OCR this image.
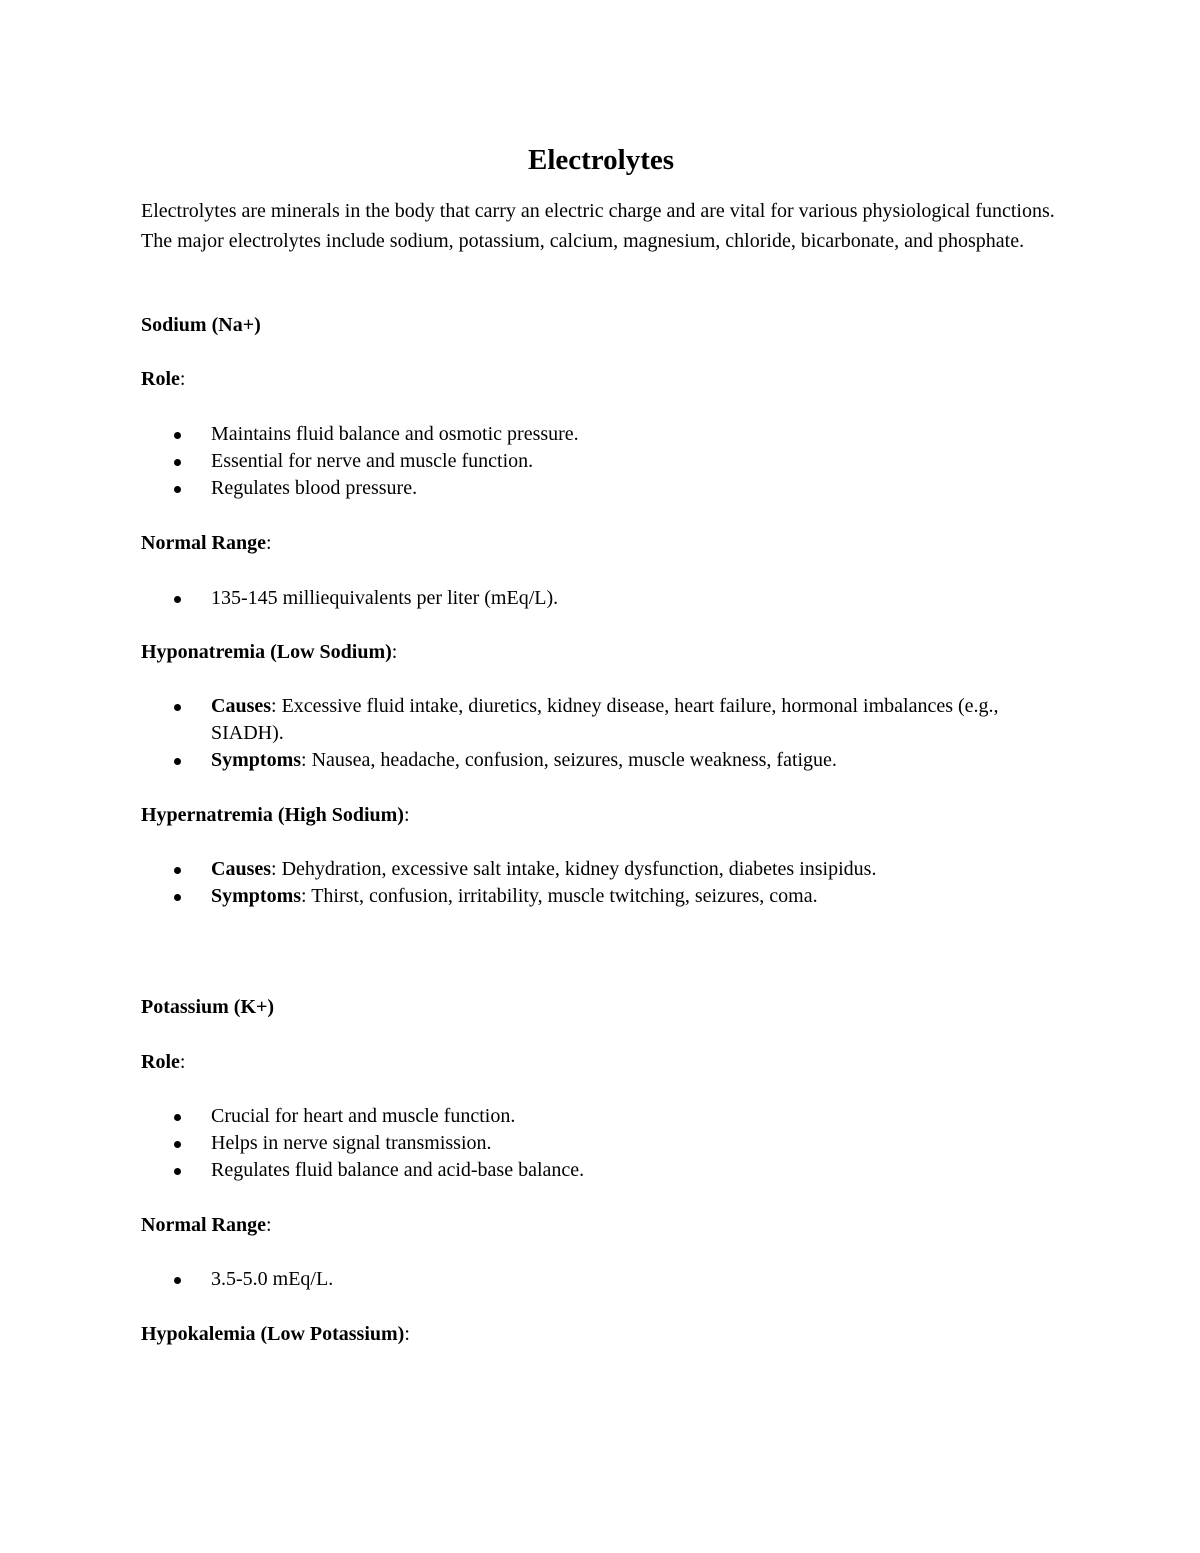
Electrolytes

Electrolytes are minerals in the body that carry an electric charge and are vital for various physiological functions. The major electrolytes include sodium, potassium, calcium, magnesium, chloride, bicarbonate, and phosphate.

Sodium (Na+)

Role:

Maintains fluid balance and osmotic pressure.
Essential for nerve and muscle function.
Regulates blood pressure.

Normal Range:

135-145 milliequivalents per liter (mEq/L).

Hyponatremia (Low Sodium):

Causes: Excessive fluid intake, diuretics, kidney disease, heart failure, hormonal imbalances (e.g., SIADH).
Symptoms: Nausea, headache, confusion, seizures, muscle weakness, fatigue.

Hypernatremia (High Sodium):

Causes: Dehydration, excessive salt intake, kidney dysfunction, diabetes insipidus.
Symptoms: Thirst, confusion, irritability, muscle twitching, seizures, coma.

Potassium (K+)

Role:

Crucial for heart and muscle function.
Helps in nerve signal transmission.
Regulates fluid balance and acid-base balance.

Normal Range:

3.5-5.0 mEq/L.

Hypokalemia (Low Potassium):
